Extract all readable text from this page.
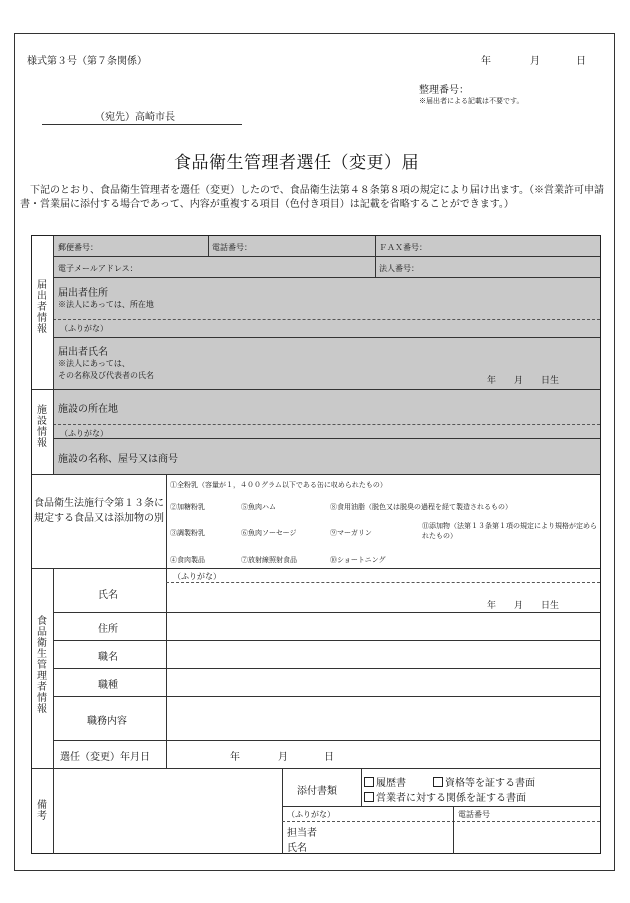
様式第３号（第７条関係）	年	月	日
整理番号：
※届出者による記載は不要です。
（宛先）高崎市長
食品衛生管理者選任（変更）届
下記のとおり、食品衛生管理者を選任（変更）したので、食品衛生法第４８条第８項の規定により届け出ます。（※営業許可申請書・営業届に添付する場合であって、内容が重複する項目（色付き項目）は記載を省略することができます。）
届出者情報
郵便番号：	電話番号：	ＦＡＸ番号：
電子メールアドレス：	法人番号：
届出者住所
※法人にあっては、所在地
（ふりがな）
届出者氏名
※法人にあっては、
その名称及び代表者の氏名
年　　月　　日生
施設情報
施設の所在地
（ふりがな）
施設の名称、屋号又は商号
食品衛生法施行令第１３条に規定する食品又は添加物の別
①全粉乳（容量が１，４００グラム以下である缶に収められたもの）
②加糖粉乳	⑤魚肉ハム	⑧食用油脂（脱色又は脱臭の過程を経て製造されるもの）
③調製粉乳	⑥魚肉ソーセージ	⑨マーガリン
⑪添加物（法第１３条第１項の規定により規格が定められたもの）
④食肉製品	⑦放射線照射食品	⑩ショートニング
食品衛生管理者情報
氏名
（ふりがな）
年　　月　　日生
住所
職名
職種
職務内容
選任（変更）年月日	年	月	日
備考
添付書類
履歴書	資格等を証する書面
営業者に対する関係を証する書面
（ふりがな）	電話番号
担当者
氏名
